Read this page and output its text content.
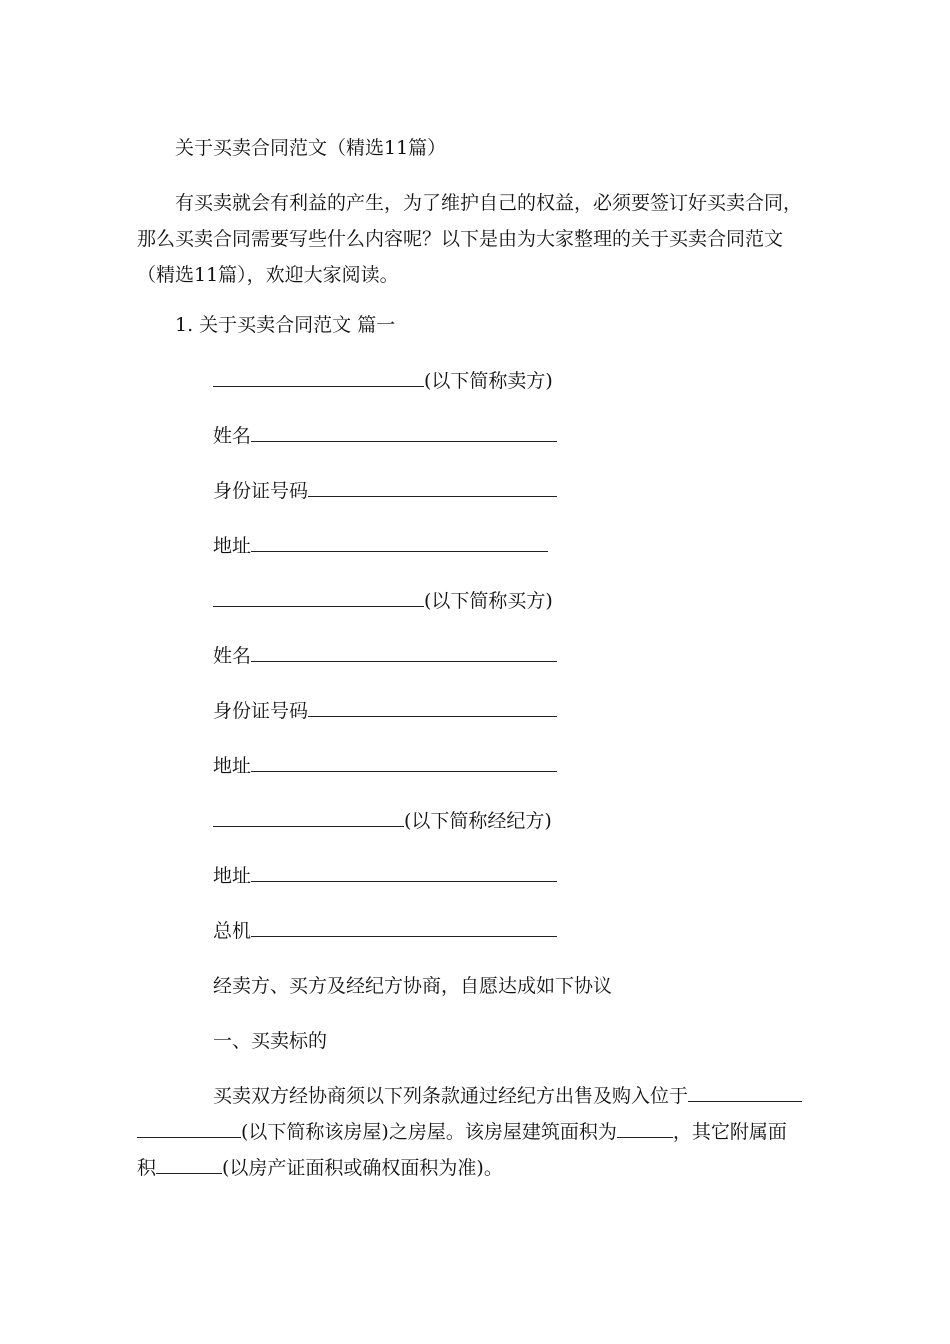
关于买卖合同范文（精选11篇）
有买卖就会有利益的产生，为了维护自己的权益，必须要签订好买卖合同，
那么买卖合同需要写些什么内容呢？以下是由为大家整理的关于买卖合同范文
（精选11篇），欢迎大家阅读。
1. 关于买卖合同范文 篇一
(以下简称卖方)
姓名
身份证号码
地址
(以下简称买方)
姓名
身份证号码
地址
(以下简称经纪方)
地址
总机
经卖方、买方及经纪方协商，自愿达成如下协议
一、买卖标的
买卖双方经协商须以下列条款通过经纪方出售及购入位于
(以下简称该房屋)之房屋。该房屋建筑面积为	，其它附属面
积	(以房产证面积或确权面积为准)。
